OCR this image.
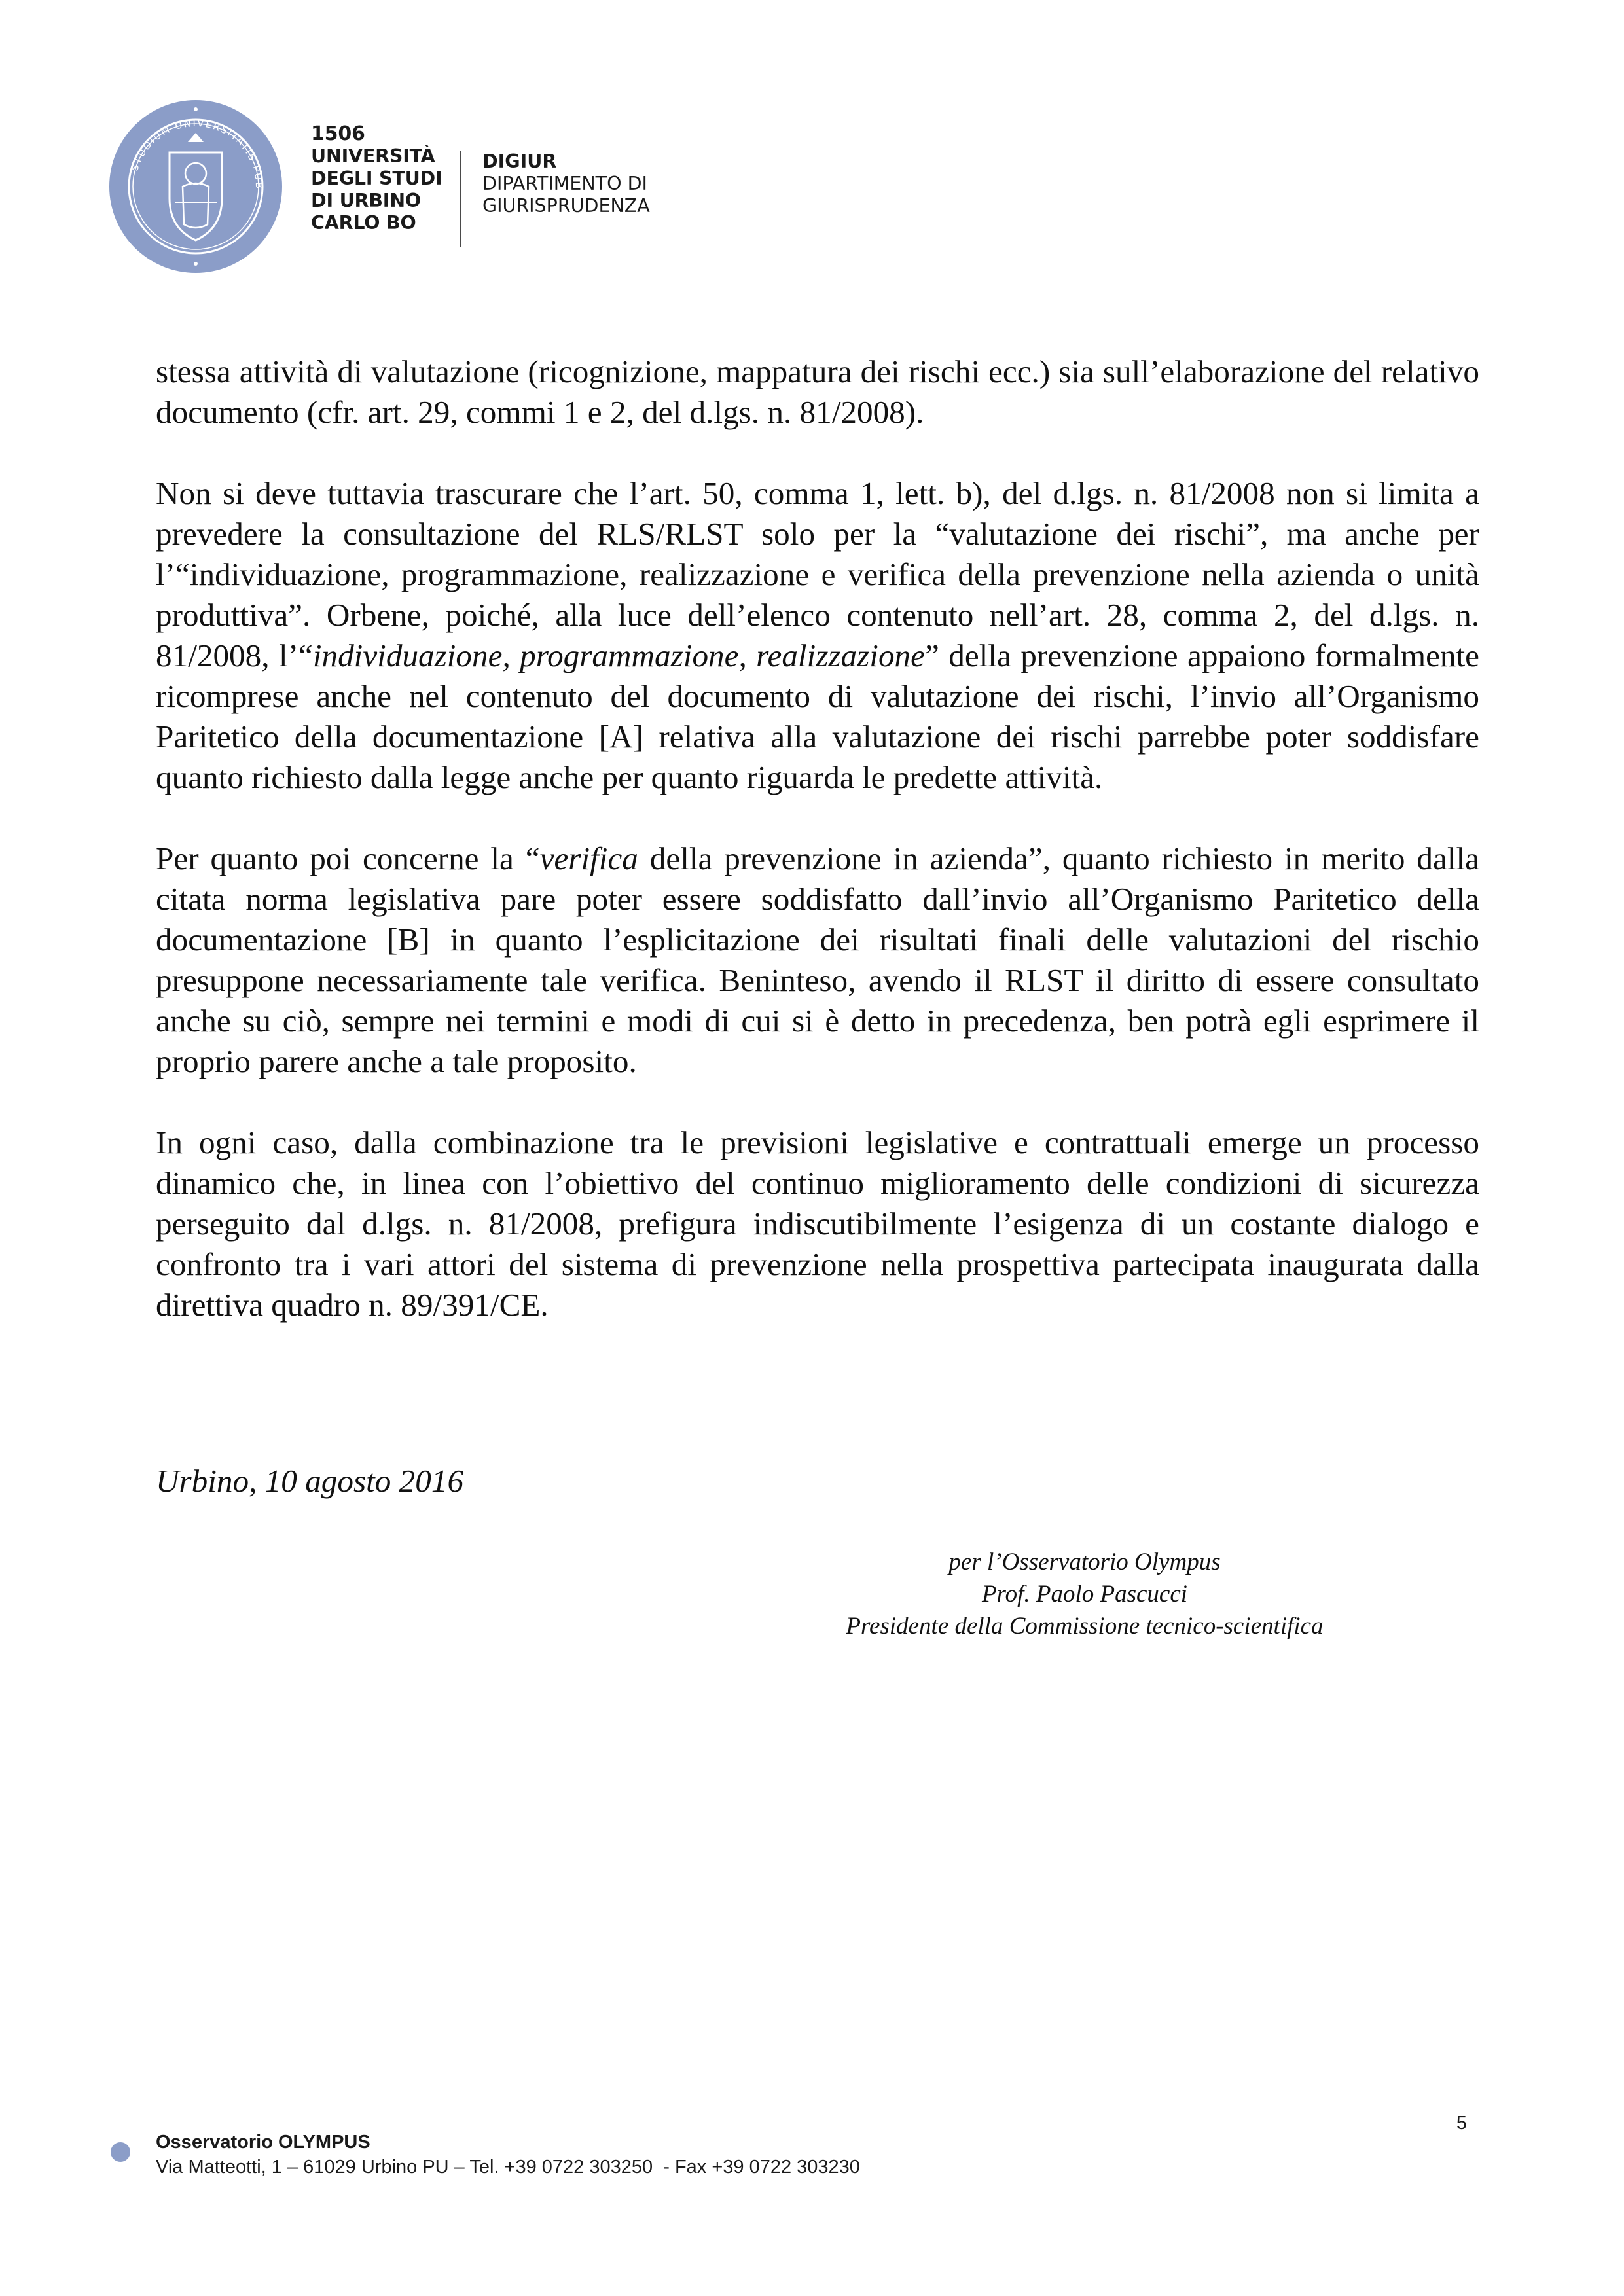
STUDIUM UNIVERSITATIS PUB
1506
UNIVERSITÀ
DEGLI STUDI
DI URBINO
CARLO BO
DIGIUR
DIPARTIMENTO DI
GIURISPRUDENZA

stessa attività di valutazione (ricognizione, mappatura dei rischi ecc.) sia sull’elaborazione del relativo documento (cfr. art. 29, commi 1 e 2, del d.lgs. n. 81/2008).

Non si deve tuttavia trascurare che l’art. 50, comma 1, lett. b), del d.lgs. n. 81/2008 non si limita a prevedere la consultazione del RLS/RLST solo per la “valutazione dei rischi”, ma anche per l’“individuazione, programmazione, realizzazione e verifica della prevenzione nella azienda o unità produttiva”. Orbene, poiché, alla luce dell’elenco contenuto nell’art. 28, comma 2, del d.lgs. n. 81/2008, l’“individuazione, programmazione, realizzazione” della prevenzione appaiono formalmente ricomprese anche nel contenuto del documento di valutazione dei rischi, l’invio all’Organismo Paritetico della documentazione [A] relativa alla valutazione dei rischi parrebbe poter soddisfare quanto richiesto dalla legge anche per quanto riguarda le predette attività.

Per quanto poi concerne la “verifica della prevenzione in azienda”, quanto richiesto in merito dalla citata norma legislativa pare poter essere soddisfatto dall’invio all’Organismo Paritetico della documentazione [B] in quanto l’esplicitazione dei risultati finali delle valutazioni del rischio presuppone necessariamente tale verifica. Beninteso, avendo il RLST il diritto di essere consultato anche su ciò, sempre nei termini e modi di cui si è detto in precedenza, ben potrà egli esprimere il proprio parere anche a tale proposito.

In ogni caso, dalla combinazione tra le previsioni legislative e contrattuali emerge un processo dinamico che, in linea con l’obiettivo del continuo miglioramento delle condizioni di sicurezza perseguito dal d.lgs. n. 81/2008, prefigura indiscutibilmente l’esigenza di un costante dialogo e confronto tra i vari attori del sistema di prevenzione nella prospettiva partecipata inaugurata dalla direttiva quadro n. 89/391/CE.

Urbino, 10 agosto 2016
per l’Osservatorio Olympus
Prof. Paolo Pascucci
Presidente della Commissione tecnico-scientifica
5
Osservatorio OLYMPUS
Via Matteotti, 1 – 61029 Urbino PU – Tel. +39 0722 303250  - Fax +39 0722 303230
